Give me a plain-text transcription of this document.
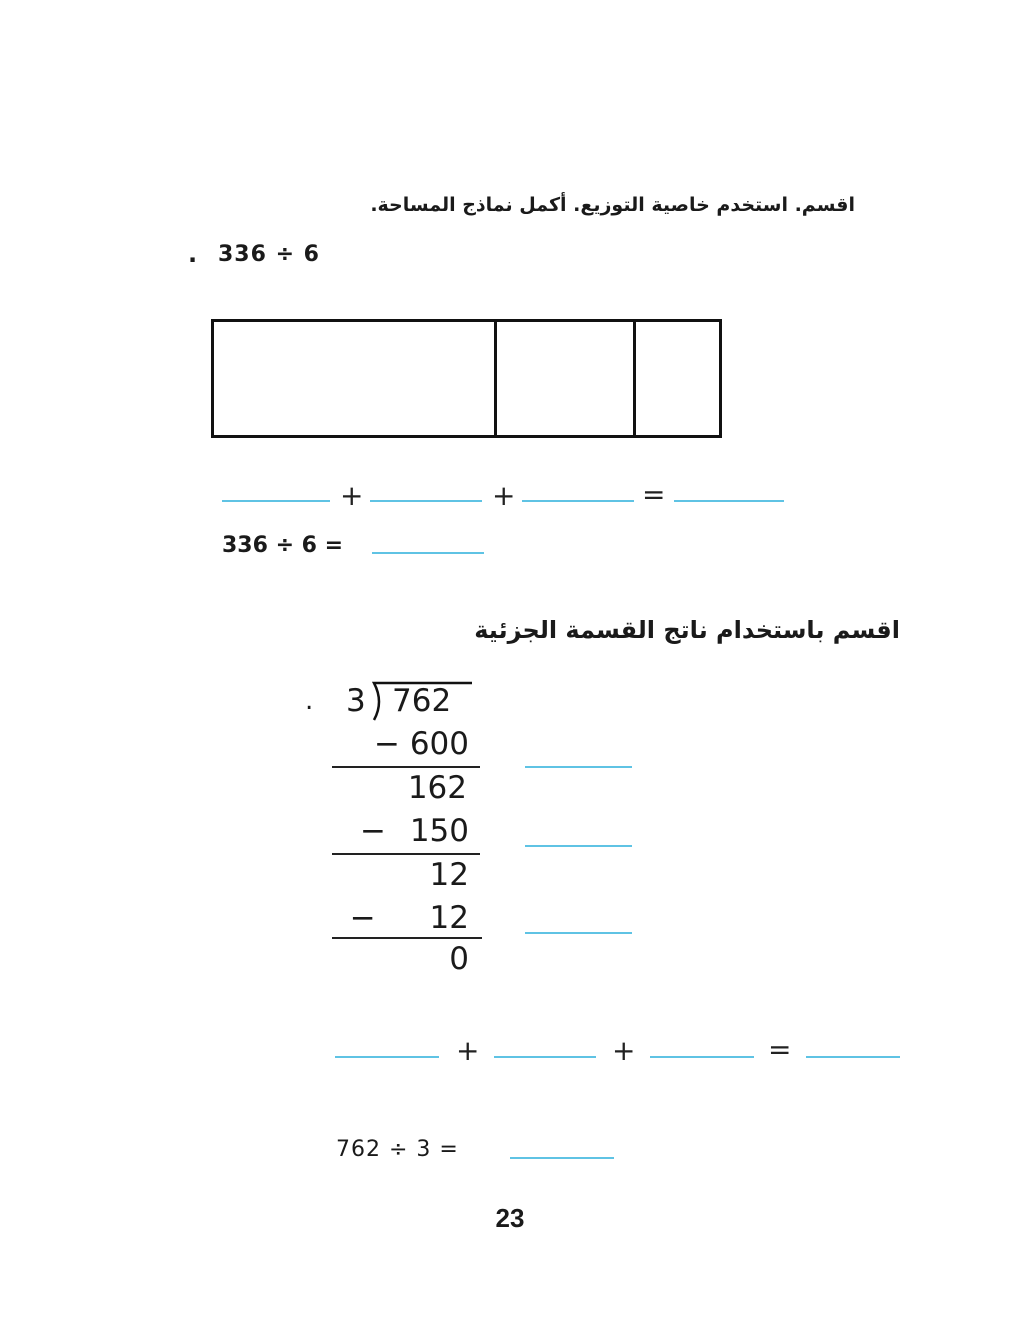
اقسم. استخدم خاصية التوزيع. أكمل نماذج المساحة.
. 336 ÷ 6
+	+	=
336 ÷ 6 =
اقسم باستخدام ناتج القسمة الجزئية
. 3 762
− 600
162
− 150
12
− 12
0
+	+	=
762 ÷ 3 =
23
